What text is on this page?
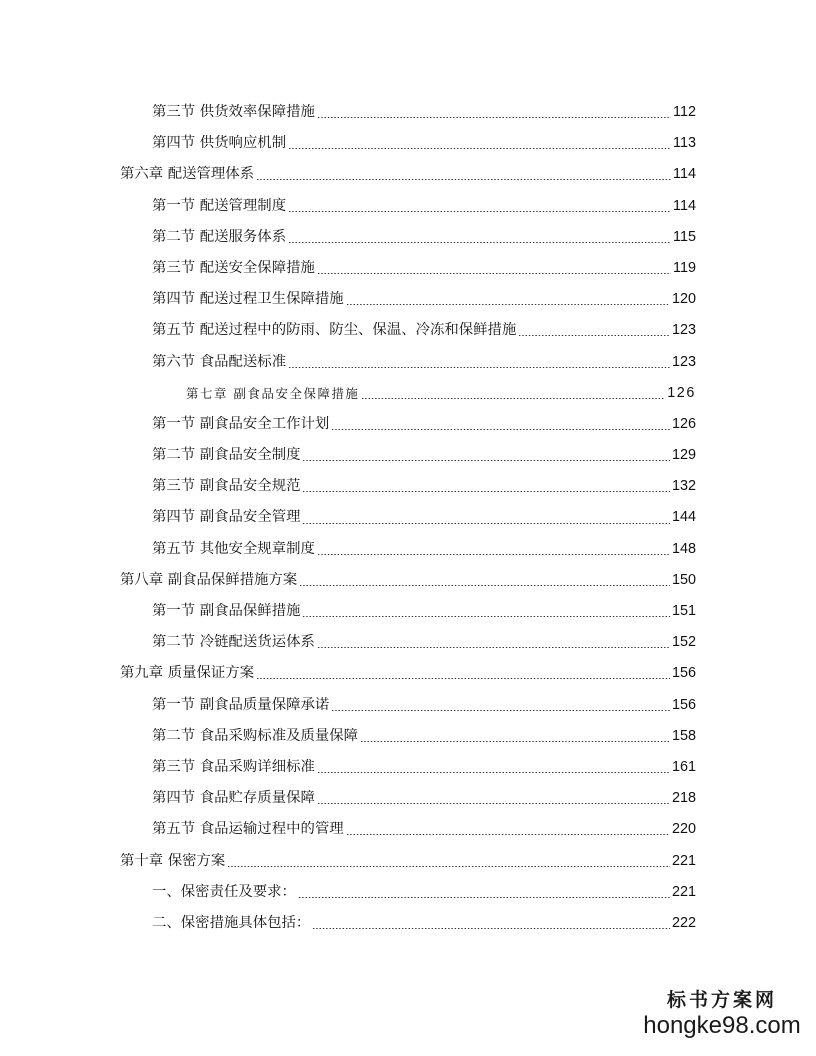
第三节 供货效率保障措施	112
第四节 供货响应机制	113
第六章 配送管理体系	114
第一节 配送管理制度	114
第二节 配送服务体系	115
第三节 配送安全保障措施	119
第四节 配送过程卫生保障措施	120
第五节 配送过程中的防雨、防尘、保温、冷冻和保鲜措施	123
第六节 食品配送标准	123
第七章 副食品安全保障措施	126
第一节 副食品安全工作计划	126
第二节 副食品安全制度	129
第三节 副食品安全规范	132
第四节 副食品安全管理	144
第五节 其他安全规章制度	148
第八章 副食品保鲜措施方案	150
第一节 副食品保鲜措施	151
第二节 冷链配送货运体系	152
第九章 质量保证方案	156
第一节 副食品质量保障承诺	156
第二节 食品采购标准及质量保障	158
第三节 食品采购详细标准	161
第四节 食品贮存质量保障	218
第五节 食品运输过程中的管理	220
第十章 保密方案	221
一、保密责任及要求：	221
二、保密措施具体包括：	222
标书方案网
hongke98.com
